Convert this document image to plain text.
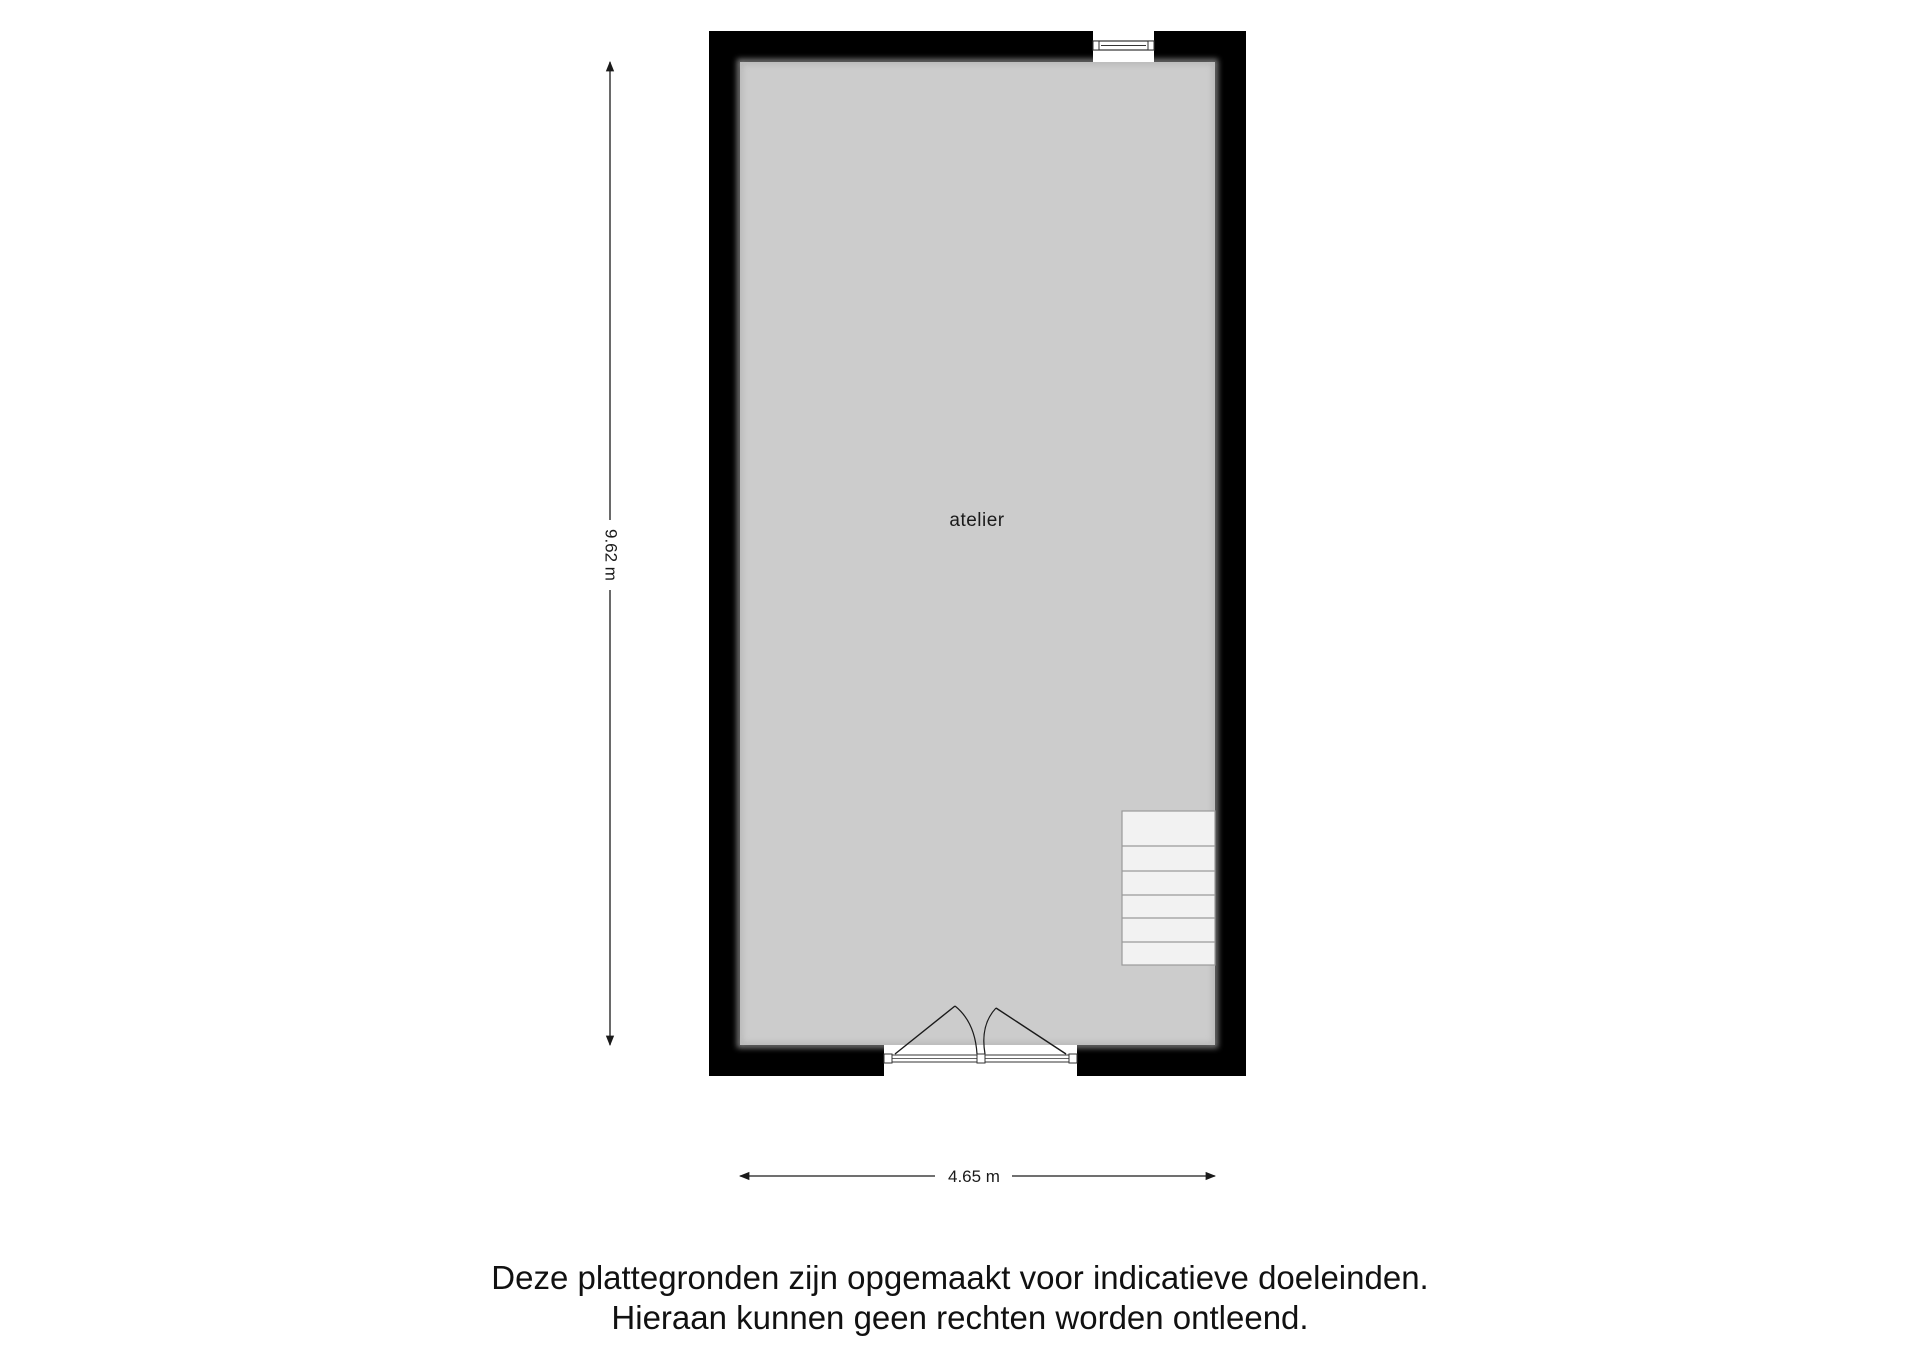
atelier
9.62 m
4.65 m
Deze plattegronden zijn opgemaakt voor indicatieve doeleinden.
Hieraan kunnen geen rechten worden ontleend.
